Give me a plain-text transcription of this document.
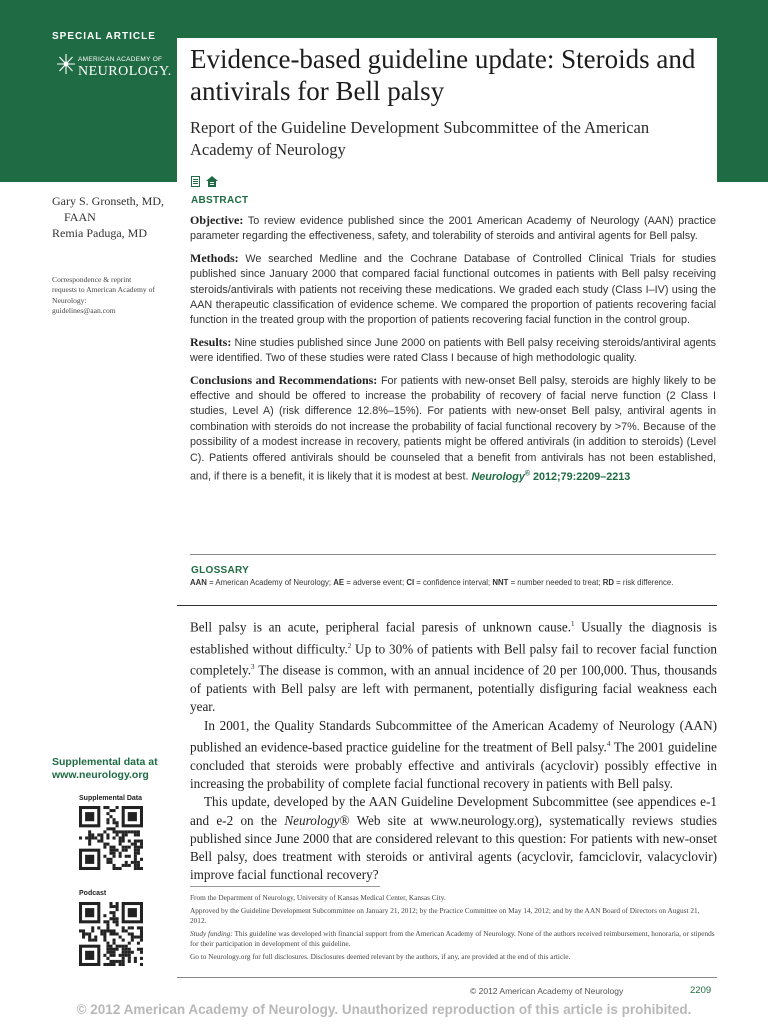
SPECIAL ARTICLE
AMERICAN ACADEMY OF
NEUROLOGY. Evidence-based guideline update: Steroids and antivirals for Bell palsy
Report of the Guideline Development Subcommittee of the American Academy of Neurology
Gary S. Gronseth, MD,
FAAN
Remia Paduga, MD
Correspondence & reprint
requests to American Academy of
Neurology:
guidelines@aan.com
ABSTRACT

Objective: To review evidence published since the 2001 American Academy of Neurology (AAN) practice parameter regarding the effectiveness, safety, and tolerability of steroids and antiviral agents for Bell palsy.

Methods: We searched Medline and the Cochrane Database of Controlled Clinical Trials for studies published since January 2000 that compared facial functional outcomes in patients with Bell palsy receiving steroids/antivirals with patients not receiving these medications. We graded each study (Class I–IV) using the AAN therapeutic classification of evidence scheme. We compared the proportion of patients recovering facial function in the treated group with the proportion of patients recovering facial function in the control group.

Results: Nine studies published since June 2000 on patients with Bell palsy receiving steroids/antiviral agents were identified. Two of these studies were rated Class I because of high methodologic quality.

Conclusions and Recommendations: For patients with new-onset Bell palsy, steroids are highly likely to be effective and should be offered to increase the probability of recovery of facial nerve function (2 Class I studies, Level A) (risk difference 12.8%–15%). For patients with new-onset Bell palsy, antiviral agents in combination with steroids do not increase the probability of facial functional recovery by >7%. Because of the possibility of a modest increase in recovery, patients might be offered antivirals (in addition to steroids) (Level C). Patients offered antivirals should be counseled that a benefit from antivirals has not been established, and, if there is a benefit, it is likely that it is modest at best. Neurology® 2012;79:2209–2213

GLOSSARY
AAN = American Academy of Neurology; AE = adverse event; CI = confidence interval; NNT = number needed to treat; RD = risk difference.

Bell palsy is an acute, peripheral facial paresis of unknown cause.$^1$ Usually the diagnosis is established without difficulty.$^2$ Up to 30% of patients with Bell palsy fail to recover facial function completely.$^3$ The disease is common, with an annual incidence of 20 per 100,000. Thus, thousands of patients with Bell palsy are left with permanent, potentially disfiguring facial weakness each year.

In 2001, the Quality Standards Subcommittee of the American Academy of Neurology (AAN) published an evidence-based practice guideline for the treatment of Bell palsy.$^4$ The 2001 guideline concluded that steroids were probably effective and antivirals (acyclovir) possibly effective in increasing the probability of complete facial functional recovery in patients with Bell palsy.

This update, developed by the AAN Guideline Development Subcommittee (see appendices e-1 and e-2 on the Neurology® Web site at www.neurology.org), systematically reviews studies published since June 2000 that are considered relevant to this question: For patients with new-onset Bell palsy, does treatment with steroids or antiviral agents (acyclovir, famciclovir, valacyclovir) improve facial functional recovery?

Supplemental data at
www.neurology.org
Supplemental Data
Podcast	From the Department of Neurology, University of Kansas Medical Center, Kansas City.

Approved by the Guideline Development Subcommittee on January 21, 2012; by the Practice Committee on May 14, 2012; and by the AAN Board of Directors on August 21, 2012.

Study funding: This guideline was developed with financial support from the American Academy of Neurology. None of the authors received reimbursement, honoraria, or stipends for their participation in development of this guideline.

Go to Neurology.org for full disclosures. Disclosures deemed relevant by the authors, if any, are provided at the end of this article.

© 2012 American Academy of Neurology	2209
© 2012 American Academy of Neurology. Unauthorized reproduction of this article is prohibited.
